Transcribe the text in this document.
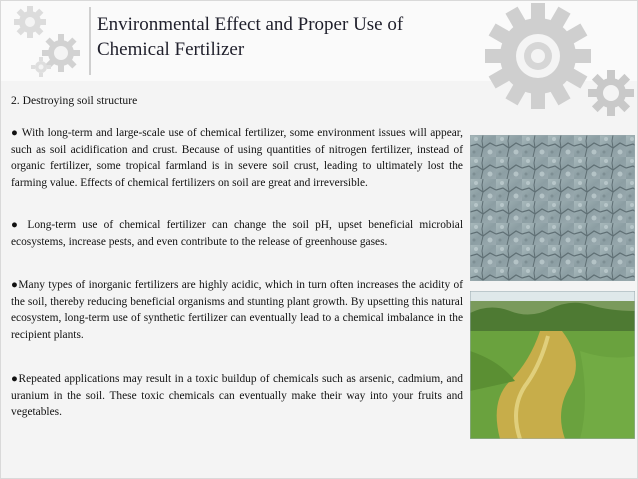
Environmental Effect and Proper Use of
Chemical Fertilizer
2. Destroying soil structure
● With long-term and large-scale use of chemical fertilizer, some environment issues will appear, such as soil acidification and crust. Because of using quantities of nitrogen fertilizer, instead of organic fertilizer, some tropical farmland is in severe soil crust, leading to ultimately lost the farming value. Effects of chemical fertilizers on soil are great and irreversible.
● Long-term use of chemical fertilizer can change the soil pH, upset beneficial microbial ecosystems, increase pests, and even contribute to the release of greenhouse gases.
●Many types of inorganic fertilizers are highly acidic, which in turn often increases the acidity of the soil, thereby reducing beneficial organisms and stunting plant growth. By upsetting this natural ecosystem, long-term use of synthetic fertilizer can eventually lead to a chemical imbalance in the recipient plants.
●Repeated applications may result in a toxic buildup of chemicals such as arsenic, cadmium, and uranium in the soil. These toxic chemicals can eventually make their way into your fruits and vegetables.
